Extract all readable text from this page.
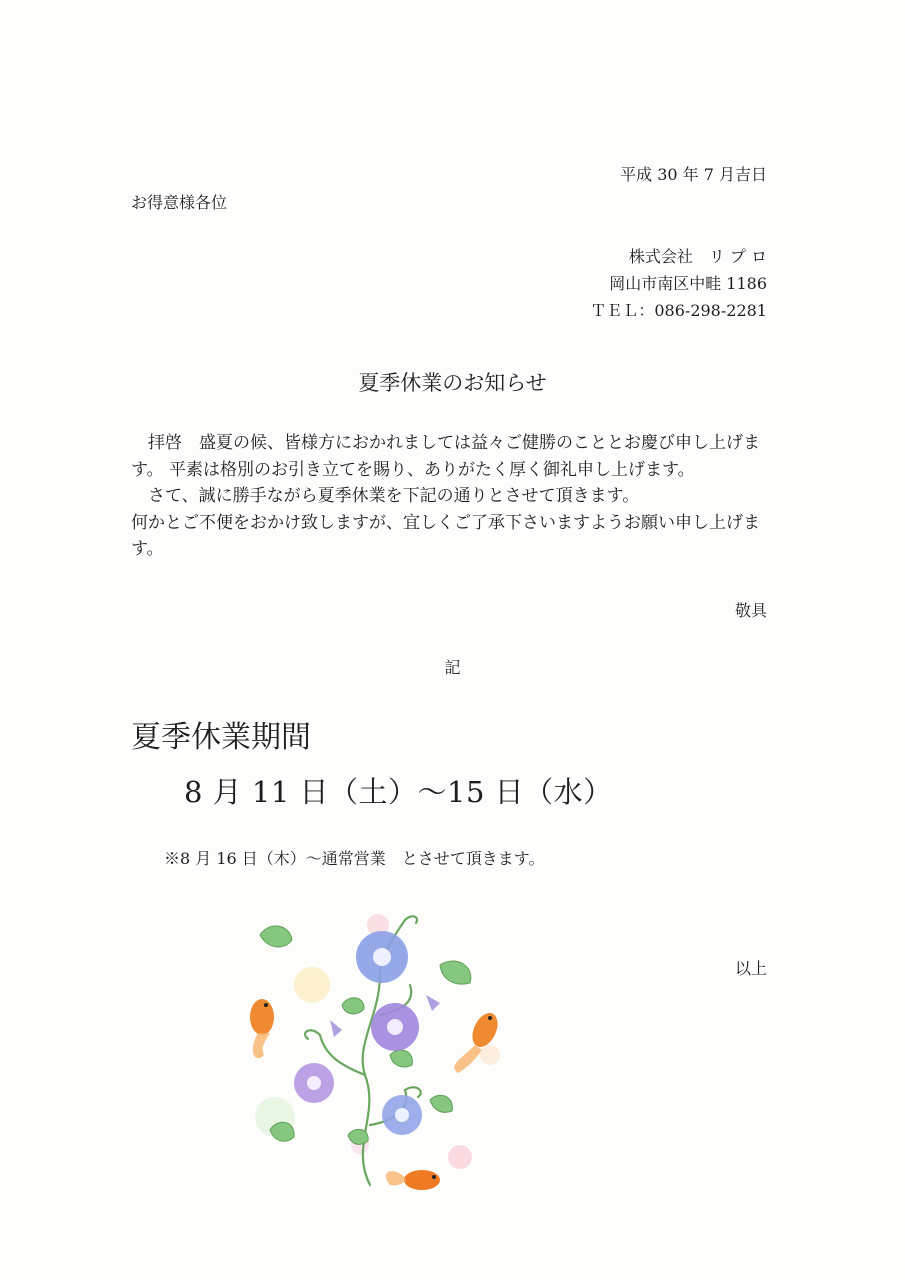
平成 30 年 7 月吉日
お得意様各位
株式会社　リ プ ロ
岡山市南区中畦 1186
ＴＥＬ：086-298-2281
夏季休業のお知らせ

　拝啓　盛夏の候、皆様方におかれましては益々ご健勝のこととお慶び申し上げます。 平素は格別のお引き立てを賜り、ありがたく厚く御礼申し上げます。

　さて、誠に勝手ながら夏季休業を下記の通りとさせて頂きます。

何かとご不便をおかけ致しますが、宜しくご了承下さいますようお願い申し上げます。

敬具
記
夏季休業期間
8 月 11 日（土）～15 日（水）
※8 月 16 日（木）～通常営業　とさせて頂きます。
以上
